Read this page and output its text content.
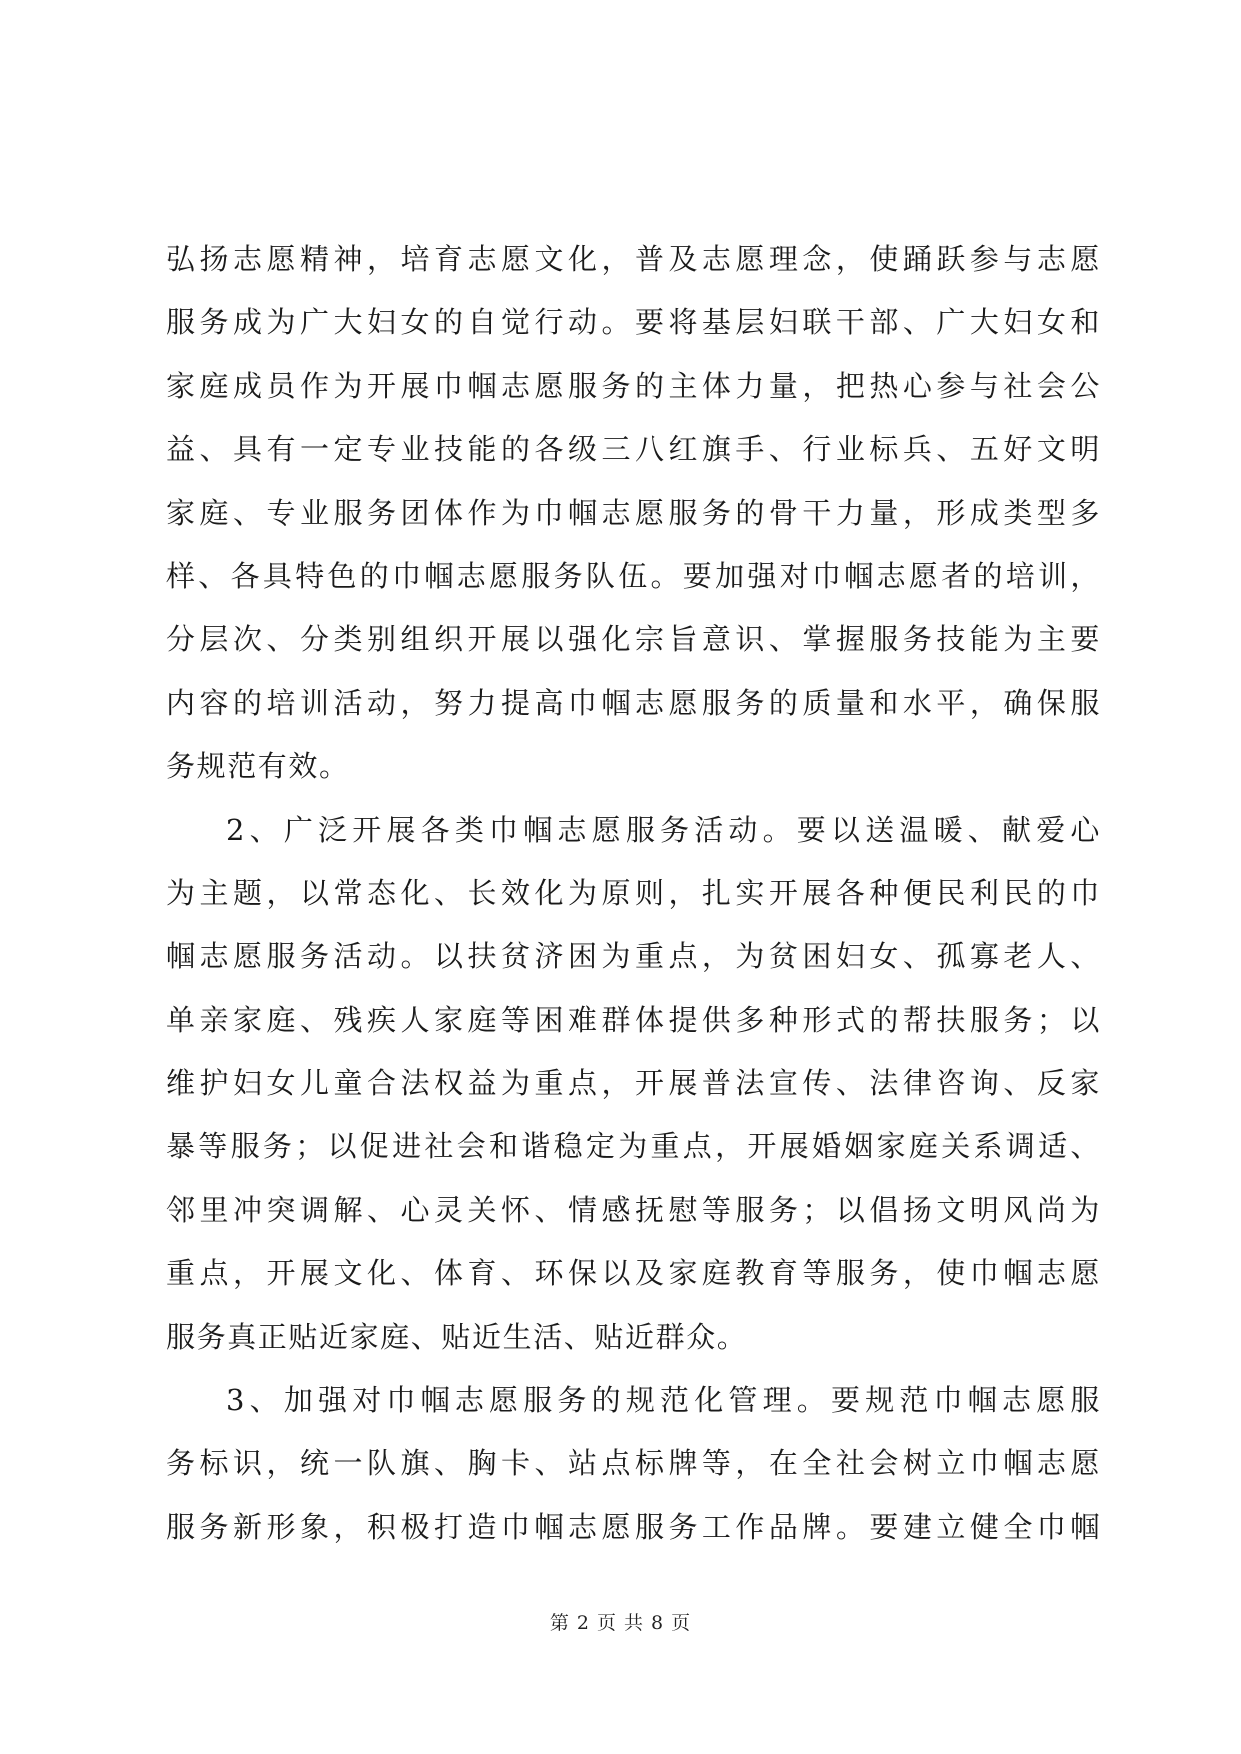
弘扬志愿精神，培育志愿文化，普及志愿理念，使踊跃参与志愿
服务成为广大妇女的自觉行动。要将基层妇联干部、广大妇女和
家庭成员作为开展巾帼志愿服务的主体力量，把热心参与社会公
益、具有一定专业技能的各级三八红旗手、行业标兵、五好文明
家庭、专业服务团体作为巾帼志愿服务的骨干力量，形成类型多
样、各具特色的巾帼志愿服务队伍。要加强对巾帼志愿者的培训，
分层次、分类别组织开展以强化宗旨意识、掌握服务技能为主要
内容的培训活动，努力提高巾帼志愿服务的质量和水平，确保服
务规范有效。
2、广泛开展各类巾帼志愿服务活动。要以送温暖、献爱心
为主题，以常态化、长效化为原则，扎实开展各种便民利民的巾
帼志愿服务活动。以扶贫济困为重点，为贫困妇女、孤寡老人、
单亲家庭、残疾人家庭等困难群体提供多种形式的帮扶服务；以
维护妇女儿童合法权益为重点，开展普法宣传、法律咨询、反家
暴等服务；以促进社会和谐稳定为重点，开展婚姻家庭关系调适、
邻里冲突调解、心灵关怀、情感抚慰等服务；以倡扬文明风尚为
重点，开展文化、体育、环保以及家庭教育等服务，使巾帼志愿
服务真正贴近家庭、贴近生活、贴近群众。
3、加强对巾帼志愿服务的规范化管理。要规范巾帼志愿服
务标识，统一队旗、胸卡、站点标牌等，在全社会树立巾帼志愿
服务新形象，积极打造巾帼志愿服务工作品牌。要建立健全巾帼
第 2 页 共 8 页
